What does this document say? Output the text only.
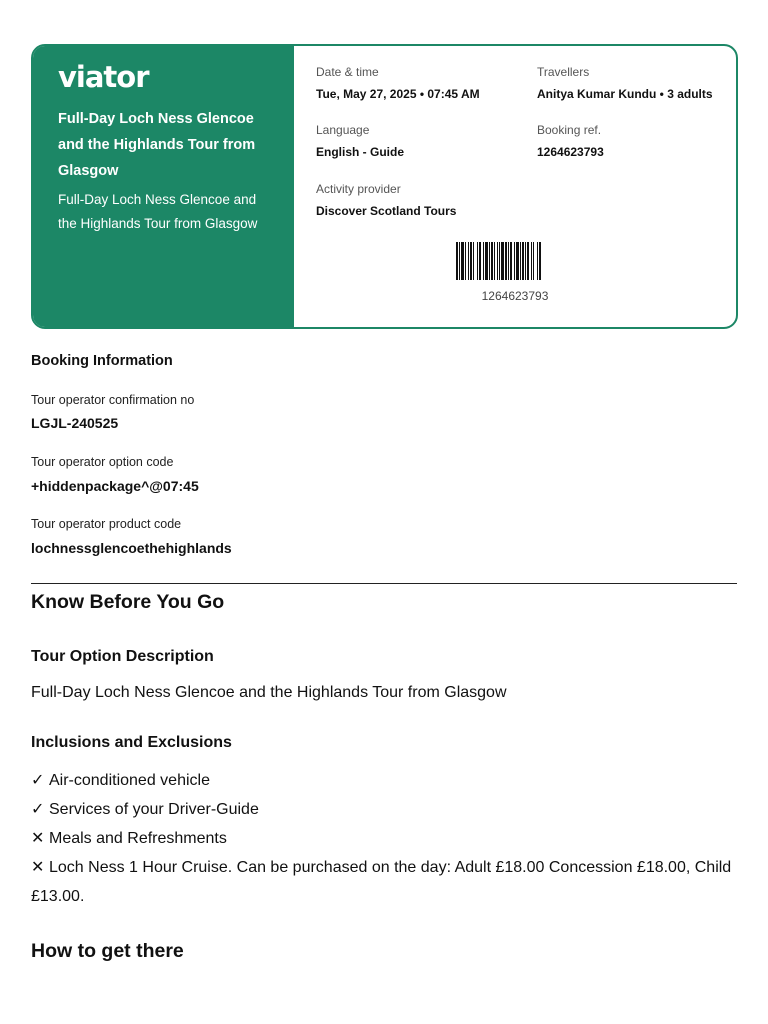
viator
Full-Day Loch Ness Glencoe and the Highlands Tour from Glasgow
Full-Day Loch Ness Glencoe and the Highlands Tour from Glasgow
Date & time
Tue, May 27, 2025 • 07:45 AM
Travellers
Anitya Kumar Kundu • 3 adults
Language
English - Guide
Booking ref.
1264623793
Activity provider
Discover Scotland Tours
1264623793
Booking Information
Tour operator confirmation no
LGJL-240525
Tour operator option code
+hiddenpackage^@07:45
Tour operator product code
lochnessglencoethehighlands
Know Before You Go
Tour Option Description
Full-Day Loch Ness Glencoe and the Highlands Tour from Glasgow
Inclusions and Exclusions
✓ Air-conditioned vehicle
✓ Services of your Driver-Guide
✕ Meals and Refreshments
✕ Loch Ness 1 Hour Cruise. Can be purchased on the day: Adult £18.00 Concession £18.00, Child £13.00.
How to get there
